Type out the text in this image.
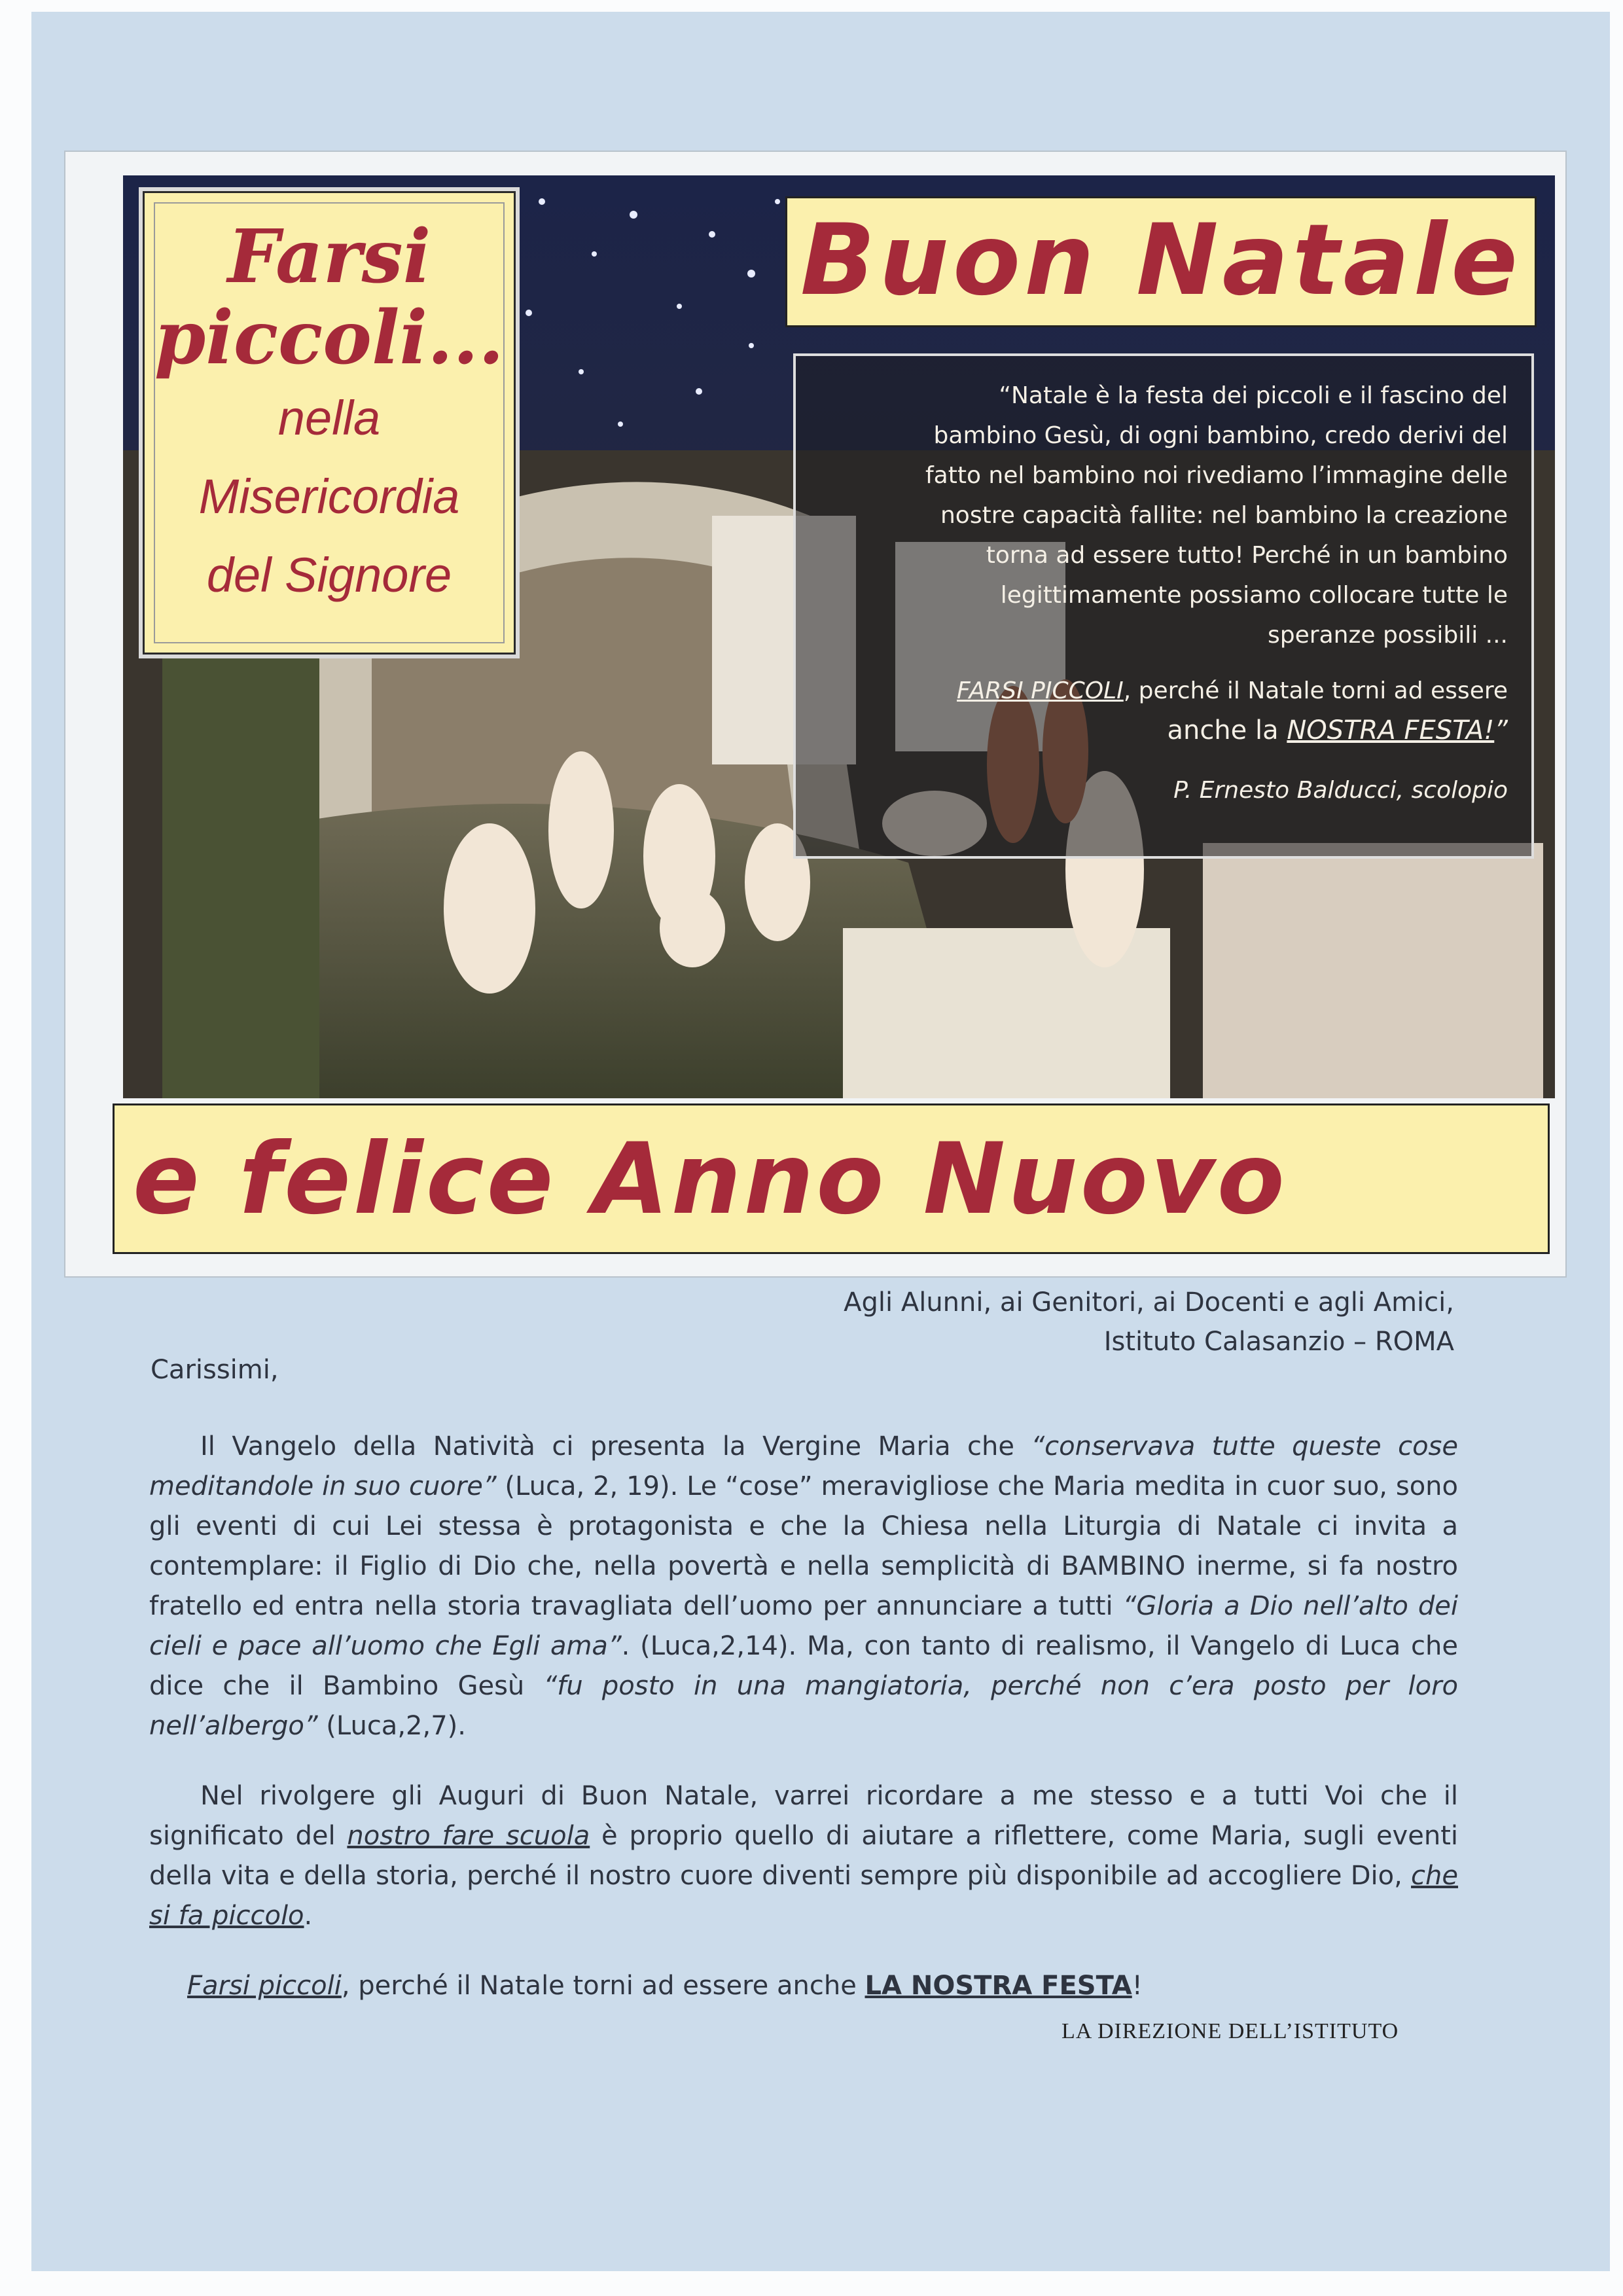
Farsi
piccoli...
nella
Misericordia
del Signore
Buon Natale
“Natale è la festa dei piccoli e il fascino del
bambino Gesù, di ogni bambino, credo derivi del
fatto nel bambino noi rivediamo l’immagine delle
nostre capacità fallite: nel bambino la creazione
torna ad essere tutto! Perché in un bambino
legittimamente possiamo collocare tutte le
speranze possibili ...
FARSI PICCOLI, perché il Natale torni ad essere
anche la NOSTRA FESTA!”
P. Ernesto Balducci, scolopio
e felice Anno Nuovo
Agli Alunni, ai Genitori, ai Docenti e agli Amici,
Istituto Calasanzio – ROMA
Carissimi,

Il Vangelo della Natività ci presenta la Vergine Maria che “conservava tutte queste cose meditandole in suo cuore” (Luca, 2, 19). Le “cose” meravigliose che Maria medita in cuor suo, sono gli eventi di cui Lei stessa è protagonista e che la Chiesa nella Liturgia di Natale ci invita a contemplare: il Figlio di Dio che, nella povertà e nella semplicità di BAMBINO inerme, si fa nostro fratello ed entra nella storia travagliata dell’uomo per annunciare a tutti “Gloria a Dio nell’alto dei cieli e pace all’uomo che Egli ama”. (Luca,2,14). Ma, con tanto di realismo, il Vangelo di Luca che dice che il Bambino Gesù “fu posto in una mangiatoria, perché non c’era posto per loro nell’albergo” (Luca,2,7).

Nel rivolgere gli Auguri di Buon Natale, varrei ricordare a me stesso e a tutti Voi che il significato del nostro fare scuola è proprio quello di aiutare a riflettere, come Maria, sugli eventi della vita e della storia, perché il nostro cuore diventi sempre più disponibile ad accogliere Dio, che si fa piccolo.

Farsi piccoli, perché il Natale torni ad essere anche LA NOSTRA FESTA!

LA DIREZIONE DELL’ISTITUTO
